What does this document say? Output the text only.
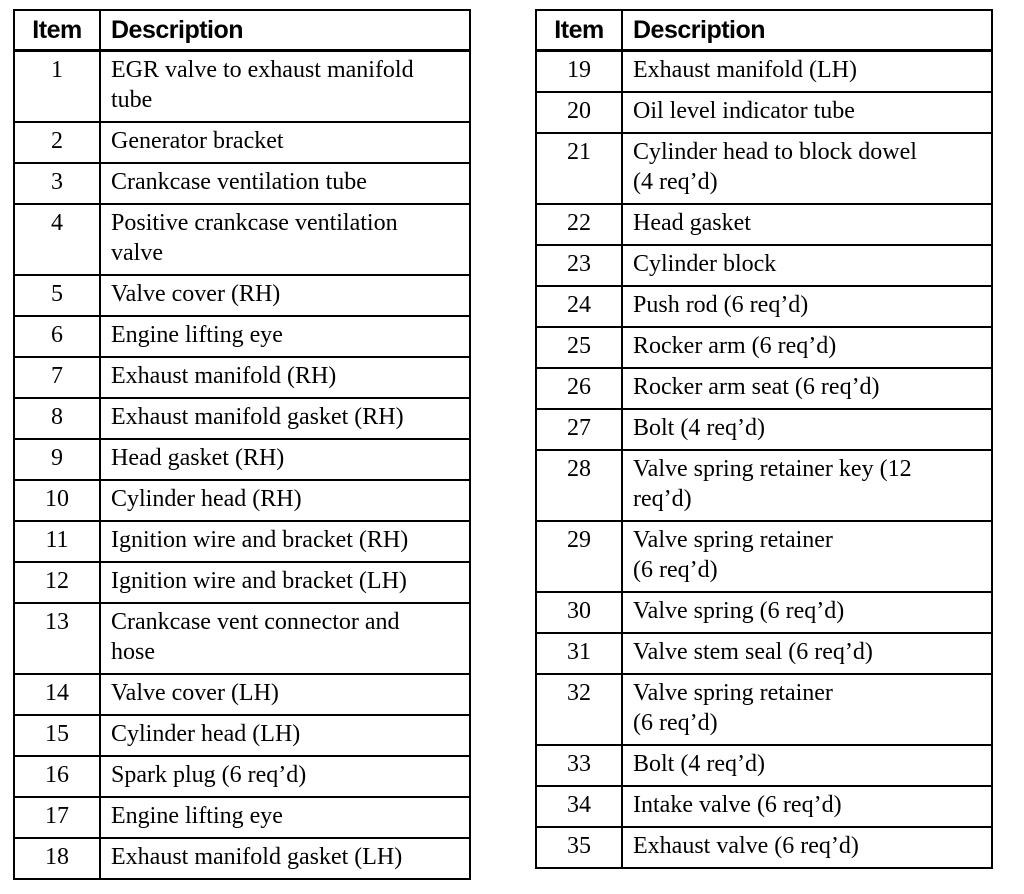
Item	Description
1	EGR valve to exhaust manifold
tube

2	Generator bracket

3	Crankcase ventilation tube

4	Positive crankcase ventilation
valve

5	Valve cover (RH)

6	Engine lifting eye

7	Exhaust manifold (RH)

8	Exhaust manifold gasket (RH)

9	Head gasket (RH)

10	Cylinder head (RH)

11	Ignition wire and bracket (RH)

12	Ignition wire and bracket (LH)

13	Crankcase vent connector and
hose

14	Valve cover (LH)

15	Cylinder head (LH)

16	Spark plug (6 req’d)

17	Engine lifting eye

18	Exhaust manifold gasket (LH)
Item	Description
19	Exhaust manifold (LH)

20	Oil level indicator tube

21	Cylinder head to block dowel
(4 req’d)

22	Head gasket

23	Cylinder block

24	Push rod (6 req’d)

25	Rocker arm (6 req’d)

26	Rocker arm seat (6 req’d)

27	Bolt (4 req’d)

28	Valve spring retainer key (12
req’d)

29	Valve spring retainer
(6 req’d)

30	Valve spring (6 req’d)

31	Valve stem seal (6 req’d)

32	Valve spring retainer
(6 req’d)

33	Bolt (4 req’d)

34	Intake valve (6 req’d)

35	Exhaust valve (6 req’d)
